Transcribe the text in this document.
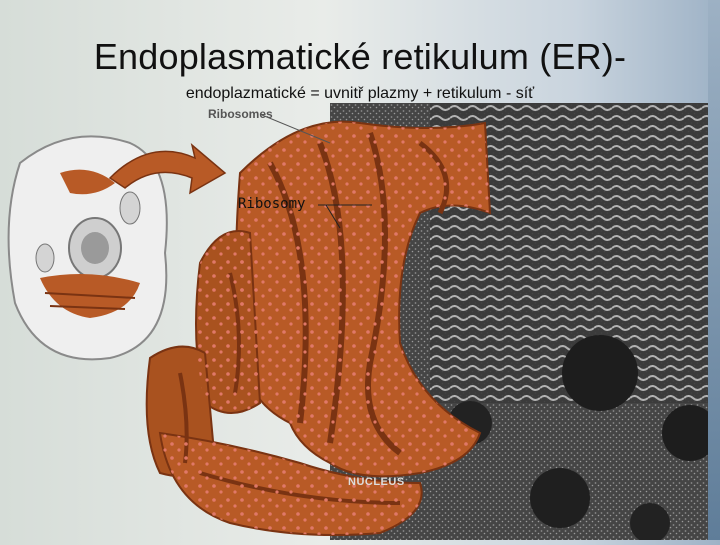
Endoplasmatické retikulum (ER)-
endoplazmatické = uvnitř plazmy + retikulum - síť
Ribosomes
Ribosomy
NUCLEUS
